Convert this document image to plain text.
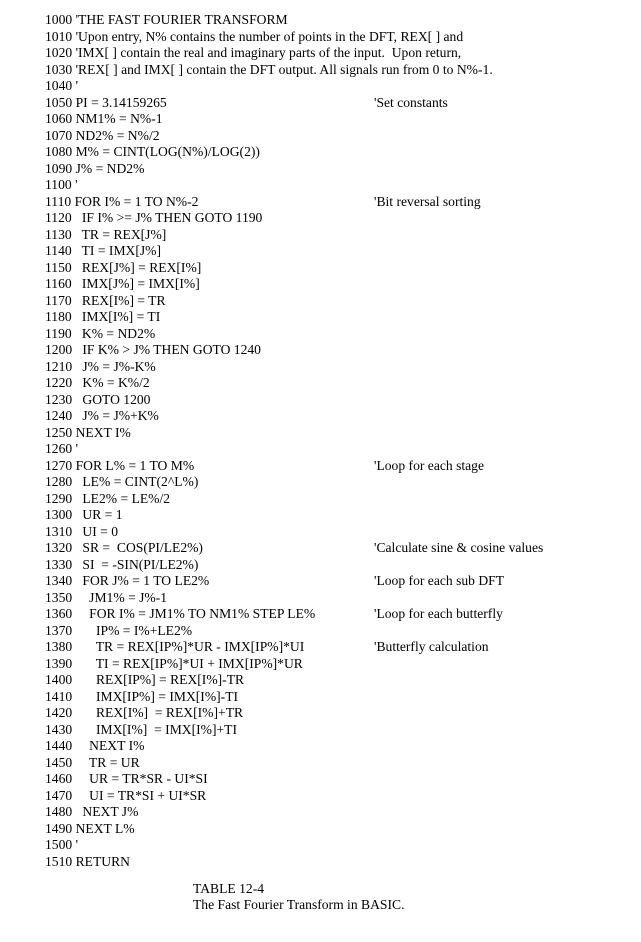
1000 'THE FAST FOURIER TRANSFORM
1010 'Upon entry, N% contains the number of points in the DFT, REX[ ] and
1020 'IMX[ ] contain the real and imaginary parts of the input.  Upon return,
1030 'REX[ ] and IMX[ ] contain the DFT output. All signals run from 0 to N%-1.
1040 '
1050 PI = 3.14159265	'Set constants
1060 NM1% = N%-1
1070 ND2% = N%/2
1080 M% = CINT(LOG(N%)/LOG(2))
1090 J% = ND2%
1100 '
1110 FOR I% = 1 TO N%-2	'Bit reversal sorting
1120   IF I% >= J% THEN GOTO 1190
1130   TR = REX[J%]
1140   TI = IMX[J%]
1150   REX[J%] = REX[I%]
1160   IMX[J%] = IMX[I%]
1170   REX[I%] = TR
1180   IMX[I%] = TI
1190   K% = ND2%
1200   IF K% > J% THEN GOTO 1240
1210   J% = J%-K%
1220   K% = K%/2
1230   GOTO 1200
1240   J% = J%+K%
1250 NEXT I%
1260 '
1270 FOR L% = 1 TO M%	'Loop for each stage
1280   LE% = CINT(2^L%)
1290   LE2% = LE%/2
1300   UR = 1
1310   UI = 0
1320   SR =  COS(PI/LE2%)	'Calculate sine & cosine values
1330   SI  = -SIN(PI/LE2%)
1340   FOR J% = 1 TO LE2%	'Loop for each sub DFT
1350     JM1% = J%-1
1360     FOR I% = JM1% TO NM1% STEP LE%	'Loop for each butterfly
1370       IP% = I%+LE2%
1380       TR = REX[IP%]*UR - IMX[IP%]*UI	'Butterfly calculation
1390       TI = REX[IP%]*UI + IMX[IP%]*UR
1400       REX[IP%] = REX[I%]-TR
1410       IMX[IP%] = IMX[I%]-TI
1420       REX[I%]  = REX[I%]+TR
1430       IMX[I%]  = IMX[I%]+TI
1440     NEXT I%
1450     TR = UR
1460     UR = TR*SR - UI*SI
1470     UI = TR*SI + UI*SR
1480   NEXT J%
1490 NEXT L%
1500 '
1510 RETURN
TABLE 12-4
The Fast Fourier Transform in BASIC.
